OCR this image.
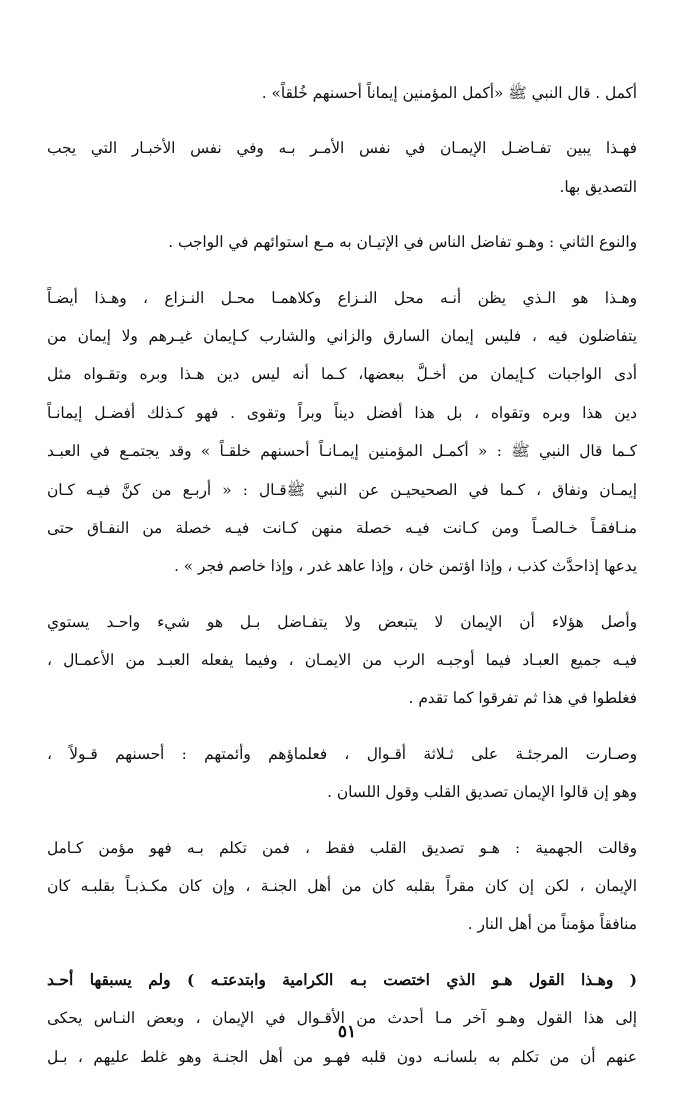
أكمل . قال النبي ﷺ «أكمل المؤمنين إيماناً أحسنهم خُلقاً» .
فهـذا يبين تفـاضـل الإيمـان في نفس الأمـر بـه وفي نفس الأخبـار التي يجب
التصديق بها.
والنوع الثاني : وهـو تفاضل الناس في الإتيـان به مـع استوائهم في الواجب .
وهـذا هو الـذي يظن أنـه محل النـزاع وكلاهمـا محـل النـزاع ، وهـذا أيضـاً
يتفاضلون فيه ، فليس إيمان السارق والزاني والشارب كـإيمان غيـرهم ولا إيمان من
أدى الواجبات كـإيمان من أخـلَّ ببعضها، كـما أنه ليس دين هـذا وبره وتقـواه مثل
دين هذا وبره وتقواه ، بل هذا أفضل ديناً وبراً وتقوى . فهو كـذلك أفضـل إيمانـاً
كـما قال النبي ﷺ : « أكمـل المؤمنين إيمـانـاً أحسنهم خلقـاً » وقد يجتمـع في العبـد
إيمـان ونفاق ، كـما في الصحيحيـن عن النبي ﷺقـال : « أربـع من كنَّ فيـه كـان
منـافقـاً خـالصـاً ومن كـانت فيـه خصلة منهن كـانت فيـه خصلة من النفـاق حتى
يدعها إذاحدَّث كذب ، وإذا اؤتمن خان ، وإذا عاهد غدر ، وإذا خاصم فجر » .
وأصل هؤلاء أن الإيمان لا يتبعض ولا يتفـاضل بـل هو شيء واحـد يستوي
فيـه جميع العبـاد فيما أوجبـه الرب من الايمـان ، وفيما يفعله العبـد من الأعمـال ،
فغلطوا في هذا ثم تفرقوا كما تقدم .
وصـارت المرجئـة على ثـلاثة أقـوال ، فعلماؤهم وأئمتهم : أحسنهم قـولاً ،
وهو إن قالوا الإيمان تصديق القلب وقول اللسان .
وقالت الجهمية : هـو تصديق القلب فقط ، فمن تكلم بـه فهو مؤمن كـامل
الإيمان ، لكن إن كان مقراً بقلبه كان من أهل الجنـة ، وإن كان مكـذبـاً بقلبـه كان
منافقاً مؤمناً من أهل النار .
( وهـذا القول هـو الذي اختصت بـه الكرامية وابتدعتـه ) ولم يسبقها أحـد
إلى هذا القول وهـو آخر مـا أحدث من الأقـوال في الإيمان ، وبعض النـاس يحكى
عنهم أن من تكلم به بلسانـه دون قلبه فهـو من أهل الجنـة وهو غلط عليهم ، بـل
٥١
